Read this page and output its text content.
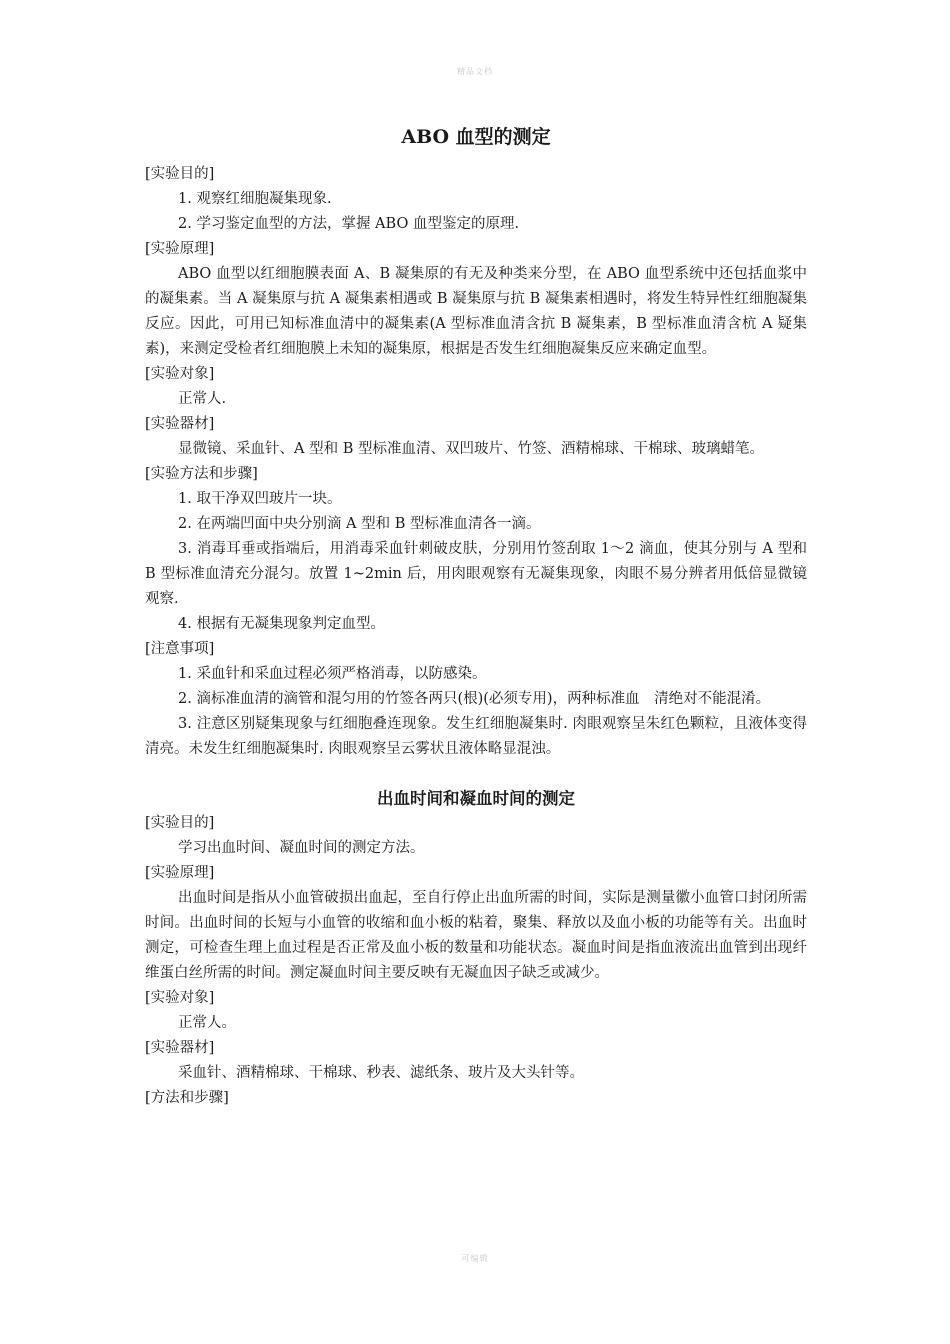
精品文档
ABO 血型的测定
[实验目的]
1. 观察红细胞凝集现象.
2. 学习鉴定血型的方法，掌握 ABO 血型鉴定的原理.
[实验原理]
ABO 血型以红细胞膜表面 A、B 凝集原的有无及种类来分型，在 ABO 血型系统中还包括血浆中的凝集素。当 A 凝集原与抗 A 凝集素相遇或 B 凝集原与抗 B 凝集素相遇时，将发生特异性红细胞凝集反应。因此，可用已知标准血清中的凝集素(A 型标准血清含抗 B 凝集素，B 型标准血清含杭 A 疑集素)，来测定受检者红细胞膜上未知的凝集原，根据是否发生红细胞凝集反应来确定血型。
[实验对象]
正常人.
[实验器材]
显微镜、采血针、A 型和 B 型标准血清、双凹玻片、竹签、酒精棉球、干棉球、玻璃蜡笔。
[实验方法和步骤]
1. 取干净双凹玻片一块。
2. 在两端凹面中央分别滴 A 型和 B 型标准血清各一滴。
3. 消毒耳垂或指端后，用消毒采血针刺破皮肤，分别用竹签刮取 1～2 滴血，使其分别与 A 型和 B 型标准血清充分混匀。放置 1~2min 后，用肉眼观察有无凝集现象，肉眼不易分辨者用低倍显微镜观察.
4. 根据有无凝集现象判定血型。
[注意事项]
1. 采血针和采血过程必须严格消毒，以防感染。
2. 滴标准血清的滴管和混匀用的竹签各两只(根)(必须专用)，两种标准血　清绝对不能混淆。
3. 注意区别疑集现象与红细胞叠连现象。发生红细胞凝集时. 肉眼观察呈朱红色颗粒，且液体变得清亮。未发生红细胞凝集时. 肉眼观察呈云雾状且液体略显混浊。
出血时间和凝血时间的测定
[实验目的]
学习出血时间、凝血时间的测定方法。
[实验原理]
出血时间是指从小血管破损出血起，至自行停止出血所需的时间，实际是测量徽小血管口封闭所需时间。出血时间的长短与小血管的收缩和血小板的粘着，聚集、释放以及血小板的功能等有关。出血时测定，可检查生理上血过程是否正常及血小板的数量和功能状态。凝血时间是指血液流出血管到出现纤维蛋白丝所需的时间。测定凝血时间主要反映有无凝血因子缺乏或减少。
[实验对象]
正常人。
[实验器材]
采血针、酒精棉球、干棉球、秒表、滤纸条、玻片及大头针等。
[方法和步骤]
可编辑
